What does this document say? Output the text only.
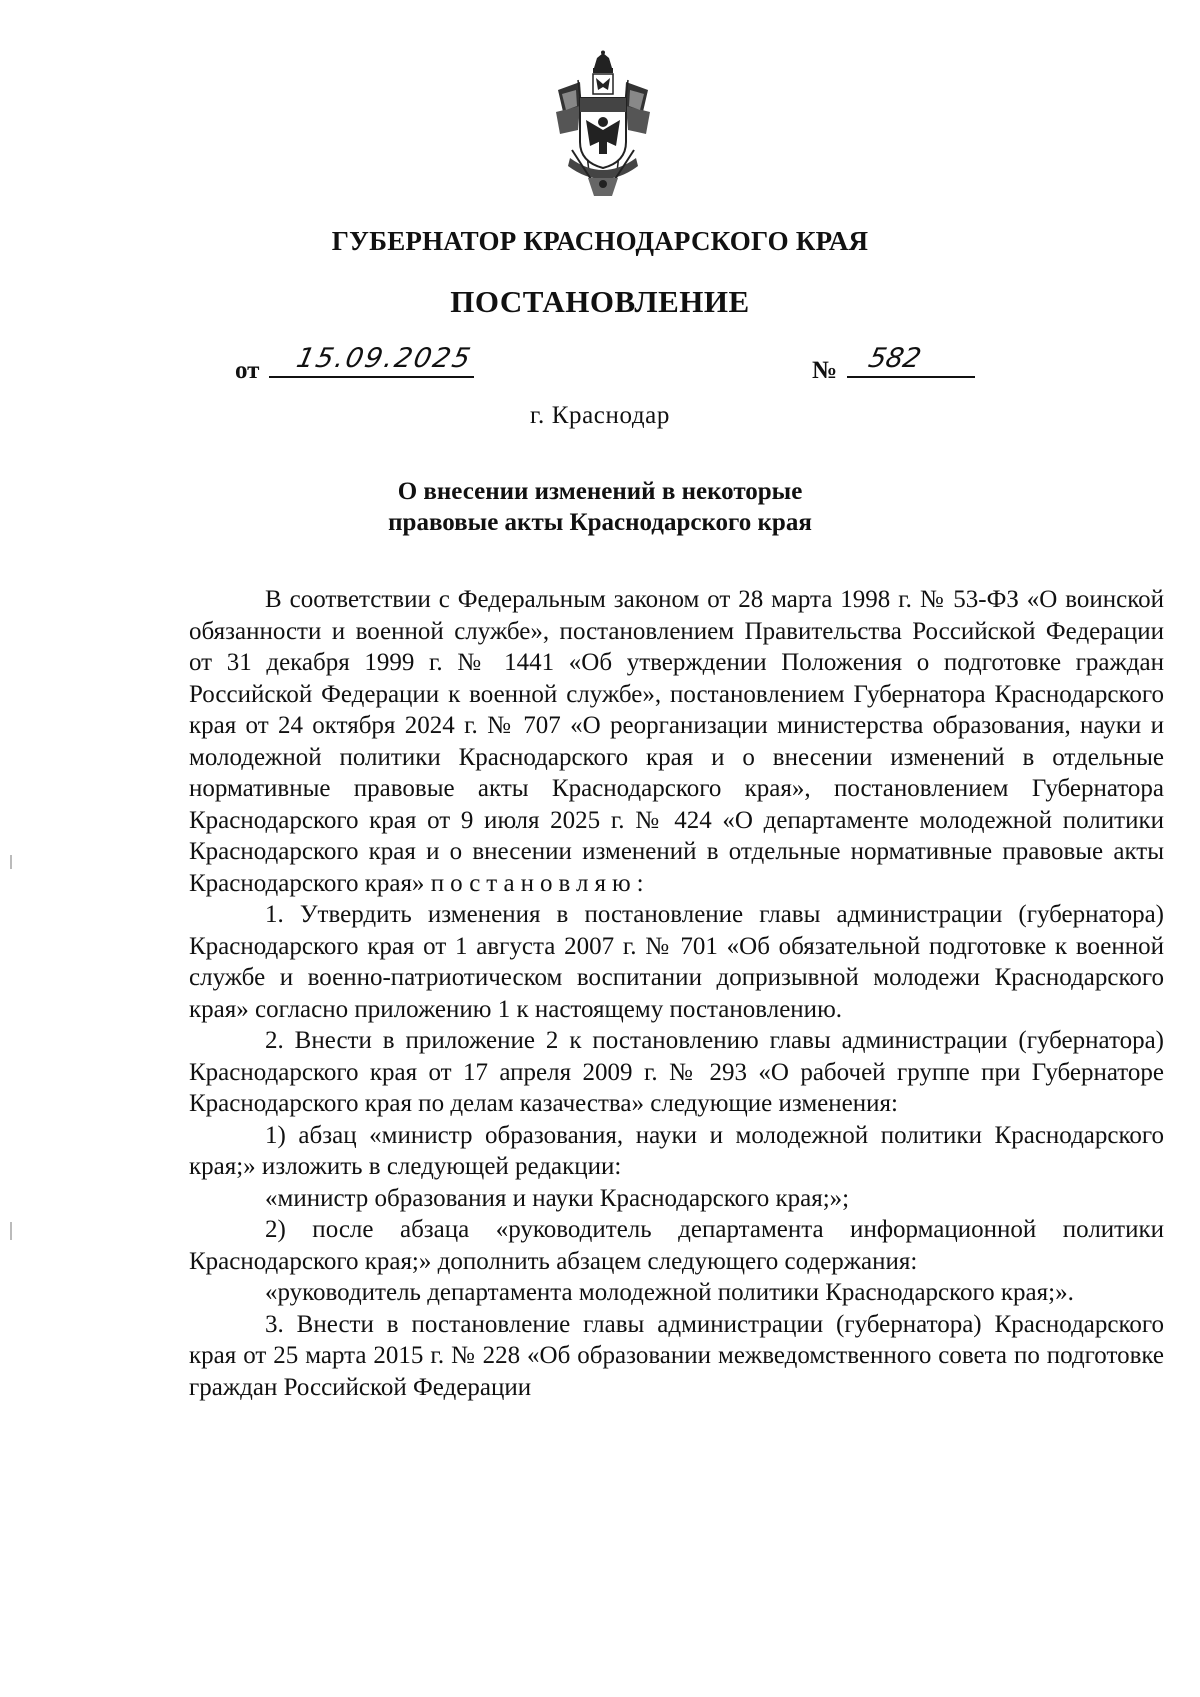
ГУБЕРНАТОР КРАСНОДАРСКОГО КРАЯ
ПОСТАНОВЛЕНИЕ
от 15.09.2025	№ 582
г. Краснодар
О внесении изменений в некоторые
правовые акты Краснодарского края

В соответствии с Федеральным законом от 28 марта 1998 г. № 53-ФЗ «О воинской обязанности и военной службе», постановлением Правительства Российской Федерации от 31 декабря 1999 г. № 1441 «Об утверждении Положения о подготовке граждан Российской Федерации к военной службе», постановлением Губернатора Краснодарского края от 24 октября 2024 г. № 707 «О реорганизации министерства образования, науки и молодежной политики Краснодарского края и о внесении изменений в отдельные нормативные правовые акты Краснодарского края», постановлением Губернатора Краснодарского края от 9 июля 2025 г. № 424 «О департаменте молодежной политики Краснодарского края и о внесении изменений в отдельные нормативные правовые акты Краснодарского края» постановляю:

1. Утвердить изменения в постановление главы администрации (губернатора) Краснодарского края от 1 августа 2007 г. № 701 «Об обязательной подготовке к военной службе и военно-патриотическом воспитании допризывной молодежи Краснодарского края» согласно приложению 1 к настоящему постановлению.

2. Внести в приложение 2 к постановлению главы администрации (губернатора) Краснодарского края от 17 апреля 2009 г. № 293 «О рабочей группе при Губернаторе Краснодарского края по делам казачества» следующие изменения:

1) абзац «министр образования, науки и молодежной политики Краснодарского края;» изложить в следующей редакции:

«министр образования и науки Краснодарского края;»;

2) после абзаца «руководитель департамента информационной политики Краснодарского края;» дополнить абзацем следующего содержания:

«руководитель департамента молодежной политики Краснодарского края;».

3. Внести в постановление главы администрации (губернатора) Краснодарского края от 25 марта 2015 г. № 228 «Об образовании межведомственного совета по подготовке граждан Российской Федерации
